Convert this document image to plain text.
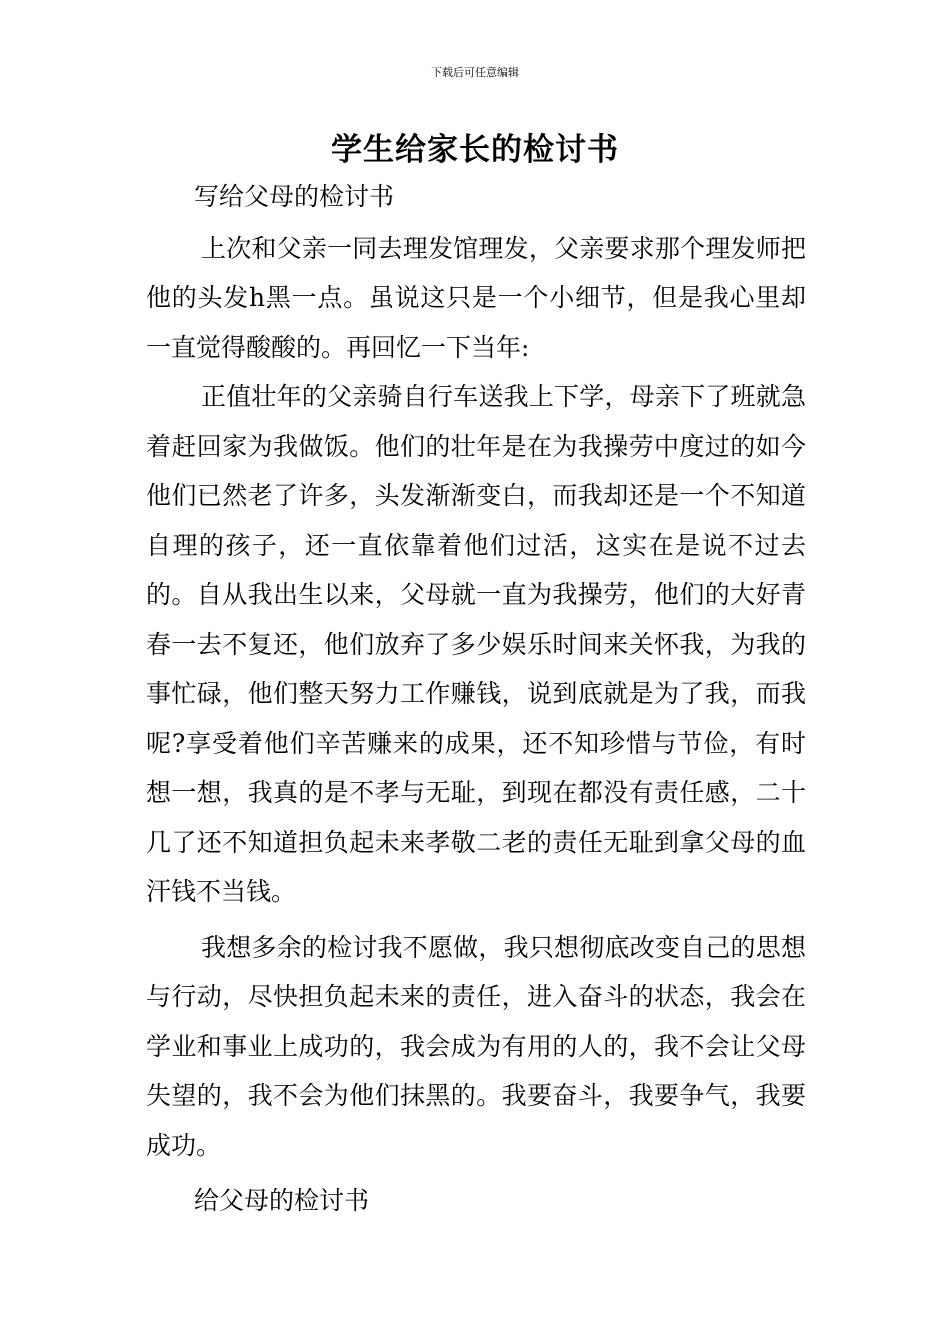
下载后可任意编辑
学生给家长的检讨书

写给父母的检讨书

上次和父亲一同去理发馆理发，父亲要求那个理发师把他的头发h黑一点。虽说这只是一个小细节，但是我心里却一直觉得酸酸的。再回忆一下当年:

正值壮年的父亲骑自行车送我上下学，母亲下了班就急着赶回家为我做饭。他们的壮年是在为我操劳中度过的如今他们已然老了许多，头发渐渐变白，而我却还是一个不知道自理的孩子，还一直依靠着他们过活，这实在是说不过去的。自从我出生以来，父母就一直为我操劳，他们的大好青春一去不复还，他们放弃了多少娱乐时间来关怀我，为我的事忙碌，他们整天努力工作赚钱，说到底就是为了我，而我呢?享受着他们辛苦赚来的成果，还不知珍惜与节俭，有时想一想，我真的是不孝与无耻，到现在都没有责任感，二十几了还不知道担负起未来孝敬二老的责任无耻到拿父母的血汗钱不当钱。

我想多余的检讨我不愿做，我只想彻底改变自己的思想与行动，尽快担负起未来的责任，进入奋斗的状态，我会在学业和事业上成功的，我会成为有用的人的，我不会让父母失望的，我不会为他们抹黑的。我要奋斗，我要争气，我要成功。

给父母的检讨书
